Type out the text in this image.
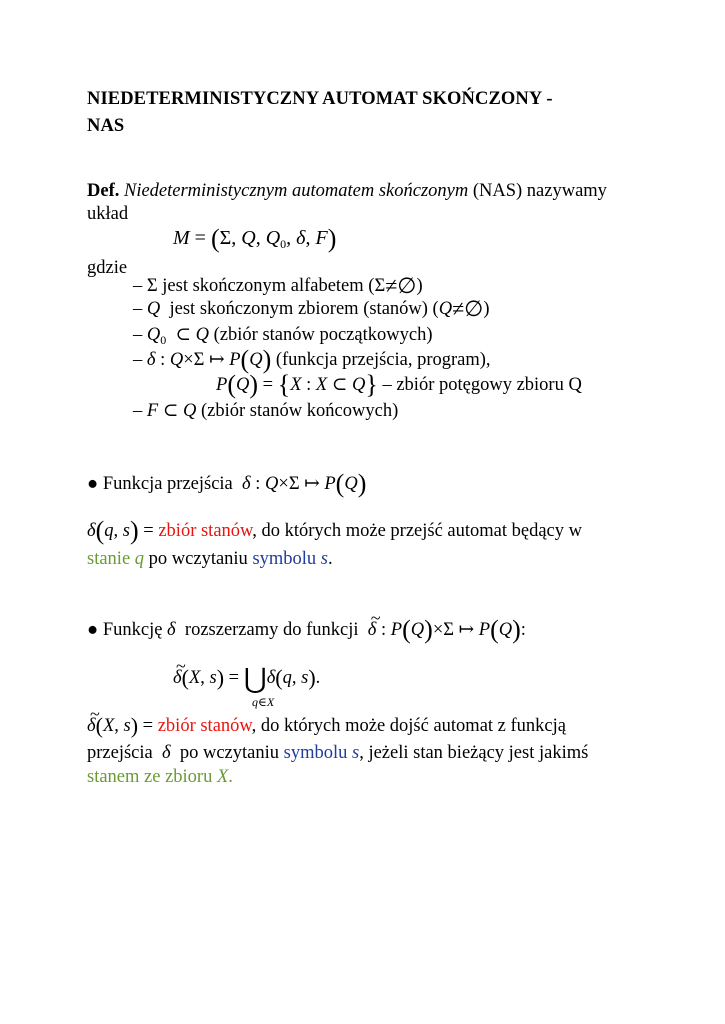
NIEDETERMINISTYCZNY AUTOMAT SKOŃCZONY -
NAS
Def. Niedeterministycznym automatem skończonym (NAS) nazywamy
układ
M = (Σ, Q, $Q_0$, δ, F)
gdzie
– Σ jest skończonym alfabetem (Σ≠∅)
– Q jest skończonym zbiorem (stanów) (Q≠∅)
– $Q_0$  ⊂ Q (zbiór stanów początkowych)
– δ : Q×Σ ↦ P(Q) (funkcja przejścia, program),
P(Q) = {X : X ⊂ Q} – zbiór potęgowy zbioru Q
– F ⊂ Q (zbiór stanów końcowych)
● Funkcja przejścia δ : Q×Σ ↦ P(Q)
δ(q, s) = zbiór stanów, do których może przejść automat będący w
stanie q po wczytaniu symbolu s.
● Funkcję δ rozszerzamy do funkcji  ~ δ : P(Q)×Σ ↦ P(Q):
~ δ(X, s) = ⋃δ(q, s).
q∈X
~ δ(X, s) = zbiór stanów, do których może dojść automat z funkcją
przejścia δ po wczytaniu symbolu s, jeżeli stan bieżący jest jakimś
stanem ze zbioru X.
